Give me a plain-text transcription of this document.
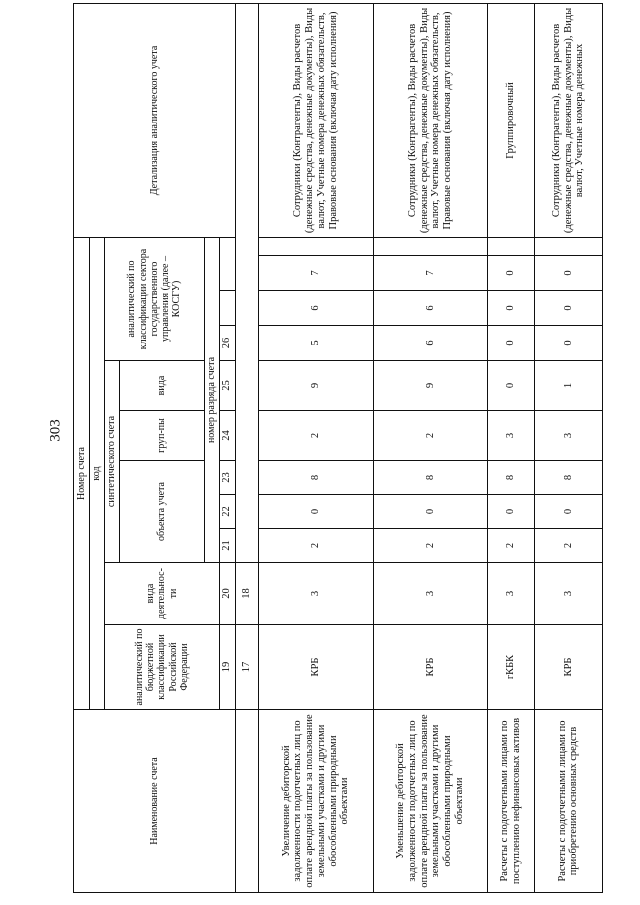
303
Наименование счета	Номер счета											Детализация аналитического учета
	код											
	аналитический по бюджетной классификации Российской Федерации	вида деятельнос-ти	синтетического счета					аналитический по классификации сектора государственного управления (далее – КОСГУ)				
			объекта учета			груп-пы	вида					
			номер разряда счета									
	19	20	21	22	23	24	25	26				
	17	18										
Увеличение дебиторской задолженности подотчетных лиц по оплате арендной платы за пользование земельными участками и другими обособленными природными объектами	КРБ	3	2	0	8	2	9	5	6	7		Сотрудники (Контрагенты), Виды расчетов (денежные средства, денежные документы), Виды валют, Учетные номера денежных обязательств, Правовые основания (включая дату исполнения)
Уменьшение дебиторской задолженности подотчетных лиц по оплате арендной платы за пользование земельными участками и другими обособленными природными объектами	КРБ	3	2	0	8	2	9	6	6	7		Сотрудники (Контрагенты), Виды расчетов (денежные средства, денежные документы), Виды валют, Учетные номера денежных обязательств, Правовые основания (включая дату исполнения)
Расчеты с подотчетными лицами по поступлению нефинансовых активов	гКБК	3	2	0	8	3	0	0	0	0		Группировочный
Расчеты с подотчетными лицами по приобретению основных средств	КРБ	3	2	0	8	3	1	0	0	0		Сотрудники (Контрагенты), Виды расчетов (денежные средства, денежные документы), Виды валют, Учетные номера денежных
